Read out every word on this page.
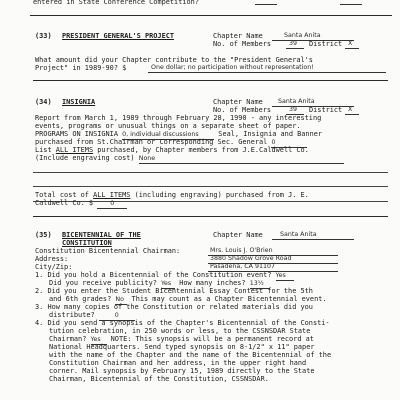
entered in State Conference Competition?
(33) PRESIDENT GENERAL'S PROJECT	Chapter Name	Santa Anita
No. of Members	39 District X
What amount did your Chapter contribute to the "President General's
Project" in 1989-90? $	One dollar; no participation without representation!
(34) INSIGNIA	Chapter Name Santa Anita
No. of Members	39 District X
Report from March 1, 1989 through February 28, 1990 - any interesting
events, programs or unusual things on a separate sheet of paper.
PROGRAMS ON INSIGNIA 0, individual discussions	Seal, Insignia and Banner
purchased from St.Chairman or Corresponding Sec. General 0
List ALL ITEMS purchased, by Chapter members from J.E.Caldwell Co.
(Include engraving cost) None
Total cost of ALL ITEMS (including engraving) purchased from J. E.
Caldwell Co. $	0
(35) BICENTENNIAL OF THE
CONSTITUTION
Chapter Name	Santa Anita
Constitution Bicentennial Chairman:	Mrs. Louis J. O'Brien
Address:	3880 Shadow Grove Road
City/Zip:	Pasadena, CA 91107
1. Did you hold a Bicentennial of the Constitution event? Yes
Did you receive publicity? Yes How many inches? 13½
2. Did you enter the Student Bicentennial Essay Contest for the 5th
and 6th grades? No This may count as a Chapter Bicentennial event.
3. How many copies of the Constitution or related materials did you
distribute?	0
4. Did you send a synopsis of the Chapter's Bicentennial of the Consti-
tution celebration, in 250 words or less, to the CSSNSDAR State
Chairman? Yes NOTE: This synopsis will be a permanent record at
National Headquarters. Send typed synopsis on 8-1/2" x 11" paper
with the name of the Chapter and the name of the Bicentennial of the
Constitution Chairman and her address, in the upper right hand
corner. Mail synopsis by February 15, 1989 directly to the State
Chairman, Bicentennial of the Constitution, CSSNSDAR.
